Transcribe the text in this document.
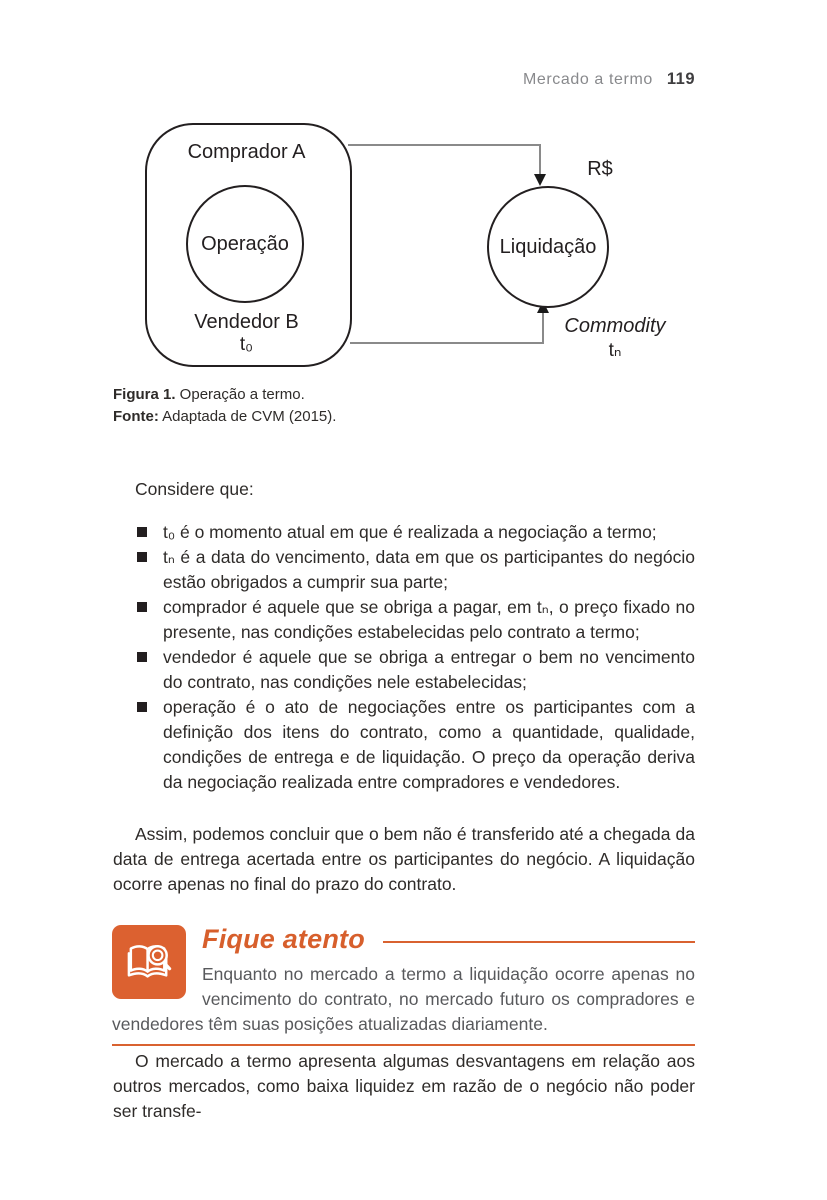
Mercado a termo 119
Comprador A
Operação
Vendedor B
t₀
Liquidação
R$
Commodity
tₙ
Figura 1. Operação a termo.
Fonte: Adaptada de CVM (2015).
Considere que:
t₀ é o momento atual em que é realizada a negociação a termo;
tₙ é a data do vencimento, data em que os participantes do negócio estão obrigados a cumprir sua parte;
comprador é aquele que se obriga a pagar, em tₙ, o preço fixado no presente, nas condições estabelecidas pelo contrato a termo;
vendedor é aquele que se obriga a entregar o bem no vencimento do contrato, nas condições nele estabelecidas;
operação é o ato de negociações entre os participantes com a definição dos itens do contrato, como a quantidade, qualidade, condições de entrega e de liquidação. O preço da operação deriva da negociação realizada entre compradores e vendedores.
Assim, podemos concluir que o bem não é transferido até a chegada da data de entrega acertada entre os participantes do negócio. A liquidação ocorre apenas no final do prazo do contrato.
Fique atento

Enquanto no mercado a termo a liquidação ocorre apenas no vencimento do contrato, no mercado futuro os compradores e vendedores têm suas posições atualizadas diariamente.

O mercado a termo apresenta algumas desvantagens em relação aos outros mercados, como baixa liquidez em razão de o negócio não poder ser transfe-
